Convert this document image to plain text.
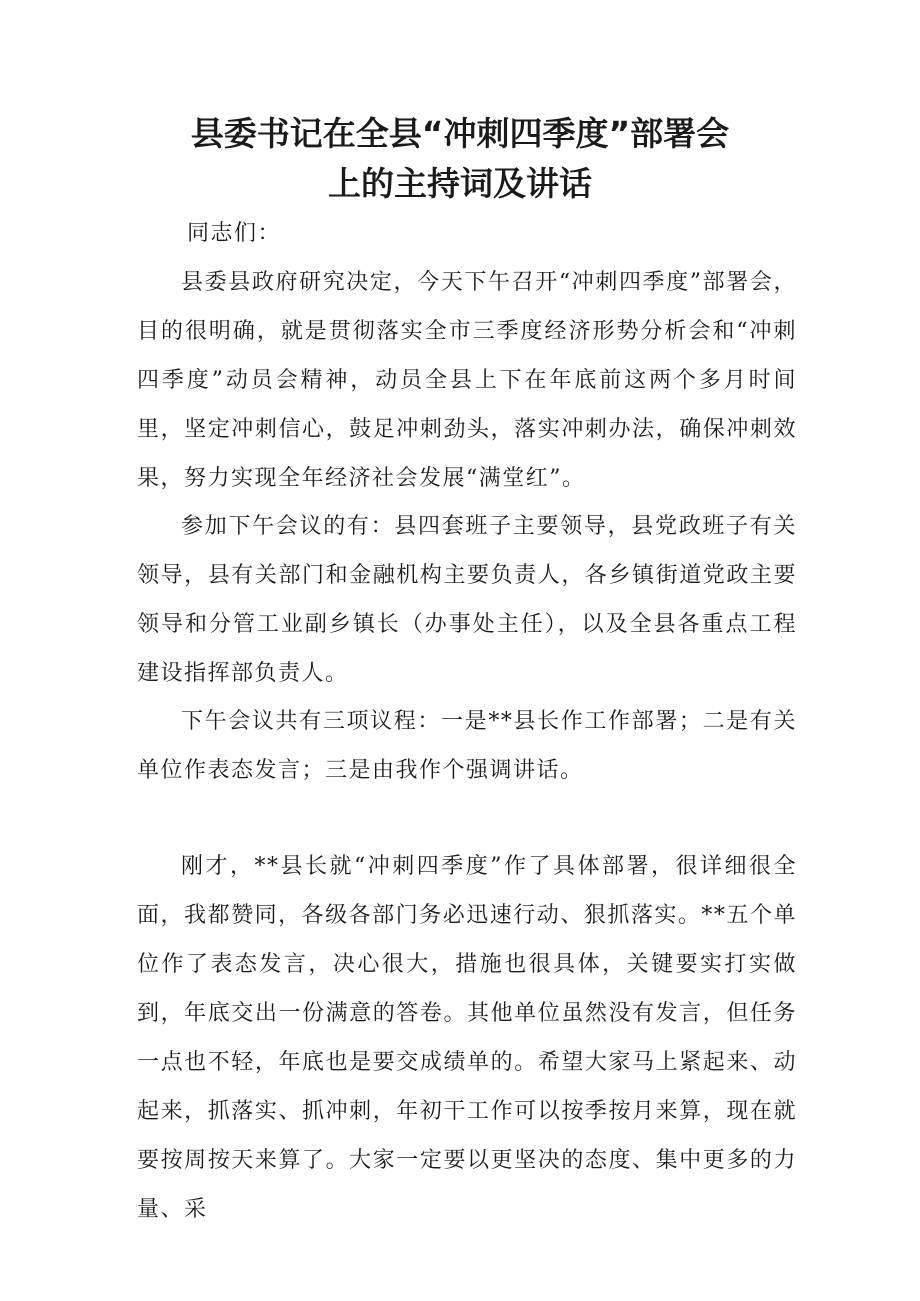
县委书记在全县“冲刺四季度”部署会
上的主持词及讲话
同志们：

县委县政府研究决定，今天下午召开“冲刺四季度”部署会，目的很明确，就是贯彻落实全市三季度经济形势分析会和“冲刺四季度”动员会精神，动员全县上下在年底前这两个多月时间里，坚定冲刺信心，鼓足冲刺劲头，落实冲刺办法，确保冲刺效果，努力实现全年经济社会发展“满堂红”。

参加下午会议的有：县四套班子主要领导，县党政班子有关领导，县有关部门和金融机构主要负责人，各乡镇街道党政主要领导和分管工业副乡镇长（办事处主任），以及全县各重点工程建设指挥部负责人。

下午会议共有三项议程：一是**县长作工作部署；二是有关单位作表态发言；三是由我作个强调讲话。

刚才，**县长就“冲刺四季度”作了具体部署，很详细很全面，我都赞同，各级各部门务必迅速行动、狠抓落实。**五个单位作了表态发言，决心很大，措施也很具体，关键要实打实做到，年底交出一份满意的答卷。其他单位虽然没有发言，但任务一点也不轻，年底也是要交成绩单的。希望大家马上紧起来、动起来，抓落实、抓冲刺，年初干工作可以按季按月来算，现在就要按周按天来算了。大家一定要以更坚决的态度、集中更多的力量、采
